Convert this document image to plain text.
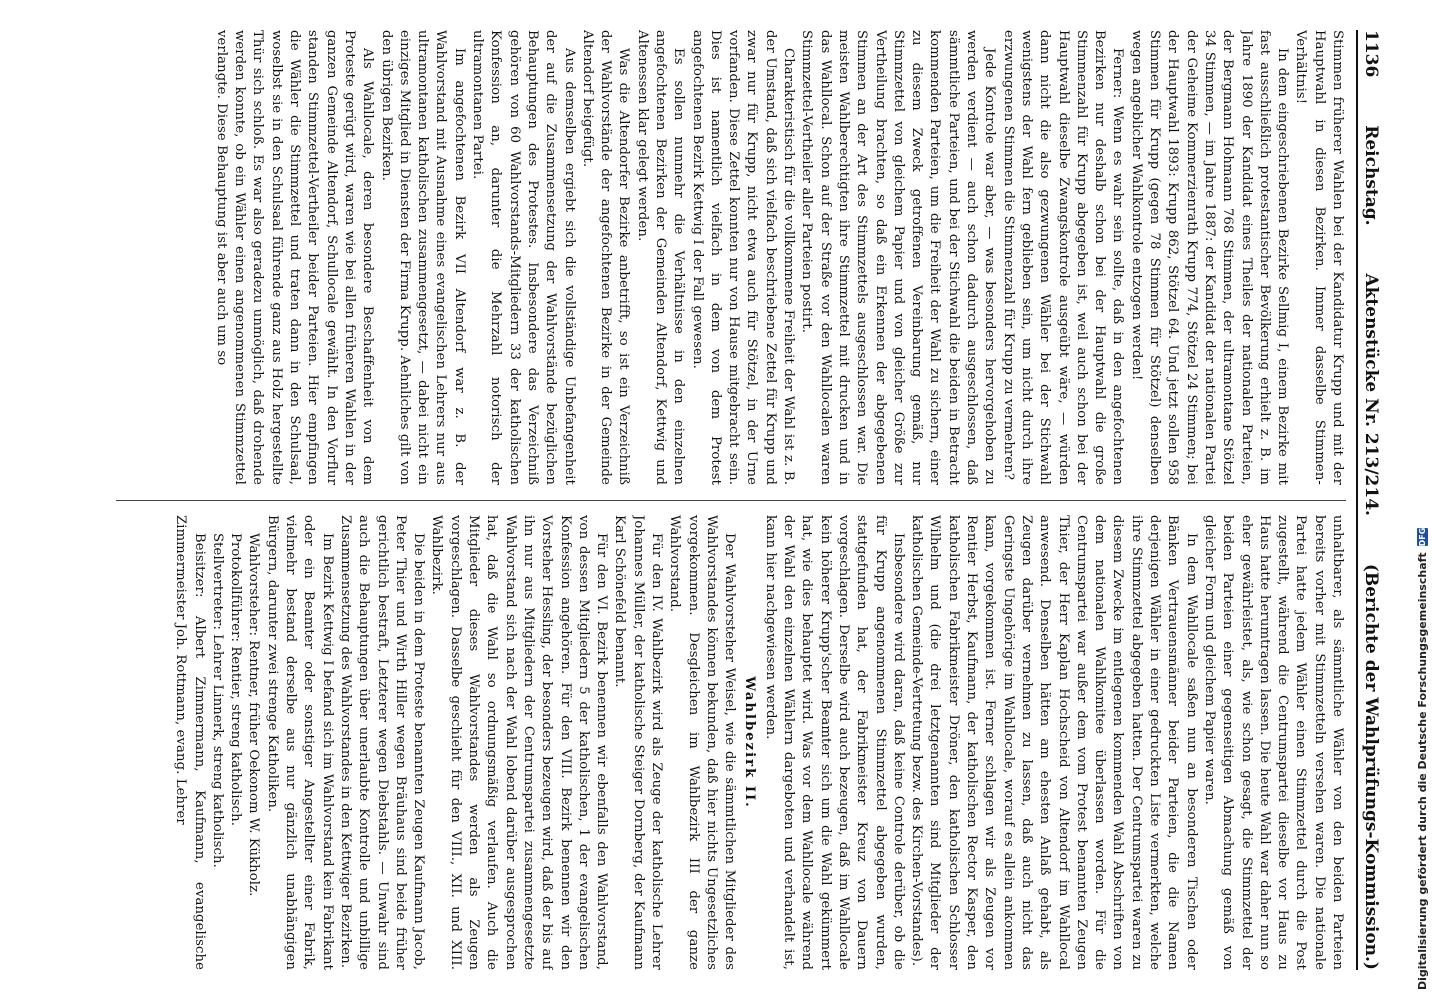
1136
Reichstag.
Aktenstücke Nr. 213/214.
(Berichte der Wahlprüfungs-Kommission.)

Stimmen früherer Wahlen bei der Kandidatur Krupp und mit der Hauptwahl in diesen Bezirken. Immer dasselbe Stimmen-Verhältnis!

In dem eingeschriebenen Bezirke Sellmig I, einem Bezirke mit fast ausschließlich protestantischer Bevölkerung erhielt z. B. im Jahre 1890 der Kandidat eines Theiles der nationalen Parteien, der Bergmann Hohmann 768 Stimmen, der ultramontane Stötzel 34 Stimmen, — im Jahre 1887: der Kandidat der nationalen Partei der Geheime Kommerzienrath Krupp 774, Stötzel 24 Stimmen; bei der Hauptwahl 1893: Krupp 862, Stötzel 64. Und jetzt sollen 958 Stimmen für Krupp (gegen 78 Stimmen für Stötzel) denselben wegen angeblicher Wahlkontrole entzogen werden!

Ferner: Wenn es wahr sein sollte, daß in den angefochtenen Bezirken nur deshalb schon bei der Hauptwahl die große Stimmenzahl für Krupp abgegeben ist, weil auch schon bei der Hauptwahl dieselbe Zwangskontrole ausgeübt wäre, — würden dann nicht die also gezwungenen Wähler bei der Stichwahl wenigstens der Wahl fern geblieben sein, um nicht durch ihre erzwungenen Stimmen die Stimmenzahl für Krupp zu vermehren?

Jede Kontrole war aber, — was besonders hervorgehoben zu werden verdient — auch schon dadurch ausgeschlossen, daß sämmtliche Parteien, und bei der Stichwahl die beiden in Betracht kommenden Parteien, um die Freiheit der Wahl zu sichern, einer zu diesem Zweck getroffenen Vereinbarung gemäß, nur Stimmzettel von gleichem Papier und von gleicher Größe zur Vertheilung brachten, so daß ein Erkennen der abgegebenen Stimmen an der Art des Stimmzettels ausgeschlossen war. Die meisten Wahlberechtigten ihre Stimmzettel mit drucken und in das Wahllocal. Schon auf der Straße vor den Wahllocalen waren Stimmzettel-Vertheiler aller Parteien postirt.

Charakteristisch für die vollkommene Freiheit der Wahl ist z. B. der Umstand, daß sich vielfach beschriebene Zettel für Krupp und zwar nur für Krupp, nicht etwa auch für Stötzel, in der Urne vorfanden. Diese Zettel konnten nur von Hause mitgebracht sein. Dies ist namentlich vielfach in dem von dem Protest angefochtenen Bezirk Kettwig I der Fall gewesen.

Es sollen nunmehr die Verhältnisse in den einzelnen angefochtenen Bezirken der Gemeinden Altendorf, Kettwig und Altenessen klar gelegt werden.

Was die Altendorfer Bezirke anbetrifft, so ist ein Verzeichniß der Wahlvorstände der angefochtenen Bezirke in der Gemeinde Altendorf beigefügt.

Aus demselben ergiebt sich die vollständige Unbefangenheit der auf die Zusammensetzung der Wahlvorstände bezüglichen Behauptungen des Protestes. Insbesondere das Verzeichniß gehören von 60 Wahlvorstands-Mitgliedern 33 der katholischen Konfession an, darunter die Mehrzahl notorisch der ultramontanen Partei.

Im angefochtenen Bezirk VII Altendorf war z. B. der Wahlvorstand mit Ausnahme eines evangelischen Lehrers nur aus ultramontanen katholischen zusammengesetzt, — dabei nicht ein einziges Mitglied in Diensten der Firma Krupp. Aehnliches gilt von den übrigen Bezirken.

Als Wahllocale, deren besondere Beschaffenheit von dem Proteste gerügt wird, waren wie bei allen früheren Wahlen in der ganzen Gemeinde Altendorf, Schullocale gewählt. In den Vorflur standen Stimmzettel-Vertheiler beider Parteien. Hier empfingen die Wähler die Stimmzettel und traten dann in den Schulsaal, woselbst sie in den Schulsaal führende ganz aus Holz hergestellte Thür sich schloß. Es war also geradezu unmöglich, daß drohende werden konnte, ob ein Wähler einen angenommenen Stimmzettel verlangte. Diese Behauptung ist aber auch um so

unhaltbarer, als sämmtliche Wähler von den beiden Parteien bereits vorher mit Stimmzetteln versehen waren. Die nationale Partei hatte jedem Wähler einen Stimmzettel durch die Post zugestellt, während die Centrumspartei dieselbe vor Haus zu Haus hatte herumtragen lassen. Die heute Wahl war daher nun so eher gewährleistet, als, wie schon gesagt, die Stimmzettel der beiden Parteien einer gegenseitigen Abmachung gemäß von gleicher Form und gleichem Papier waren.

In dem Wahllocale saßen nun an besonderen Tischen oder Bänken Vertrauensmänner beider Parteien, die die Namen derjenigen Wähler in einer gedruckten Liste vermerkten, welche ihre Stimmzettel abgegeben hatten. Der Centrumspartei waren zu diesem Zwecke im entlegenen kommenden Wahl Abschriften von dem nationalen Wahlkomitee überlassen worden. Für die Centrumspartei war außer dem vom Protest benannten Zeugen Thier, der Herr Kaplan Hochscheid von Altendorf im Wahllocal anwesend. Denselben hätten am ehesten Anlaß gehabt, als Zeugen darüber vernehmen zu lassen, daß auch nicht das Geringste Ungehörige im Wahllocale, worauf es allein ankommen kann, vorgekommen ist. Ferner schlagen wir als Zeugen vor Rentier Herbst, Kaufmann, der katholischen Rector Kasper, den katholischen Fabrikmeister Dröner, den katholischen Schlosser Wilhelm und (die drei letztgenannten sind Mitglieder der katholischen Gemeinde-Vertretung bezw. des Kirchen-Vorstandes).

Insbesondere wird daran, daß keine Controle derüber, ob die für Krupp angenommenen Stimmzettel abgegeben wurden, stattgefunden hat, der Fabrikmeister Kreuz von Dauern vorgeschlagen. Derselbe wird auch bezeugen, daß im Wahllocale kein höherer Krupp'scher Beamter sich um die Wahl gekümmert hat, wie dies behauptet wird. Was vor dem Wahllocale während der Wahl den einzelnen Wählern dargeboten und verhandelt ist, kann hier nachgewiesen werden.

Wahlbezirk II.

Der Wahlvorsteher Weisel, wie die sämmtlichen Mitglieder des Wahlvorstandes können bekunden, daß hier nichts Ungesetzliches vorgekommen. Desgleichen im Wahlbezirk III der ganze Wahlvorstand.

Für den IV. Wahlbezirk wird als Zeuge der katholische Lehrer Johannes Müller, der katholische Steiger Dornberg, der Kaufmann Karl Schönefeld benannt.

Für den VI. Bezirk benennen wir ebenfalls den Wahlvorstand, von dessen Mitgliedern 5 der katholischen, 1 der evangelischen Konfession angehören. Für den VIII. Bezirk benennen wir den Vorsteher Hessling, der besonders bezeugen wird, daß der bis auf ihn nur aus Mitgliedern der Centrumspartei zusammengesetzte Wahlvorstand sich nach der Wahl lobend darüber ausgesprochen hat, daß die Wahl so ordnungsmäßig verlaufen. Auch die Mitglieder dieses Wahlvorstandes werden als Zeugen vorgeschlagen. Dasselbe geschieht für den VIII., XII. und XIII. Wahlbezirk.

Die beiden in dem Proteste benannten Zeugen Kaufmann Jacob, Peter Thier und Wirth Hiller wegen Bräuhaus sind beide früher gerichtlich bestraft, Letzterer wegen Diebstahls. — Unwahr sind auch die Behauptungen über unerlaubte Kontrolle und unbillige Zusammensetzung des Wahlvorstandes in den Kettwiger Bezirken.

Im Bezirk Kettwig I befand sich im Wahlvorstand kein Fabrikant oder ein Beamter oder sonstiger Angestellter einer Fabrik, vielmehr bestand derselbe aus nur gänzlich unabhängigen Bürgern, darunter zwei strenge Katholiken.

Wahlvorsteher: Rentner, früher Oekonom W. Kükholz.

Protokollführer: Rentier, streng katholisch.

Stellvertreter: Lehrer Linnerk, streng katholisch.

Beisitzer: Albert Zimmermann, Kaufmann, evangelische Zimmermeister Joh. Rottmann, evang. Lehrer	Digitalisierung gefördert durch die Deutsche Forschungsgemeinschaft
DFG
